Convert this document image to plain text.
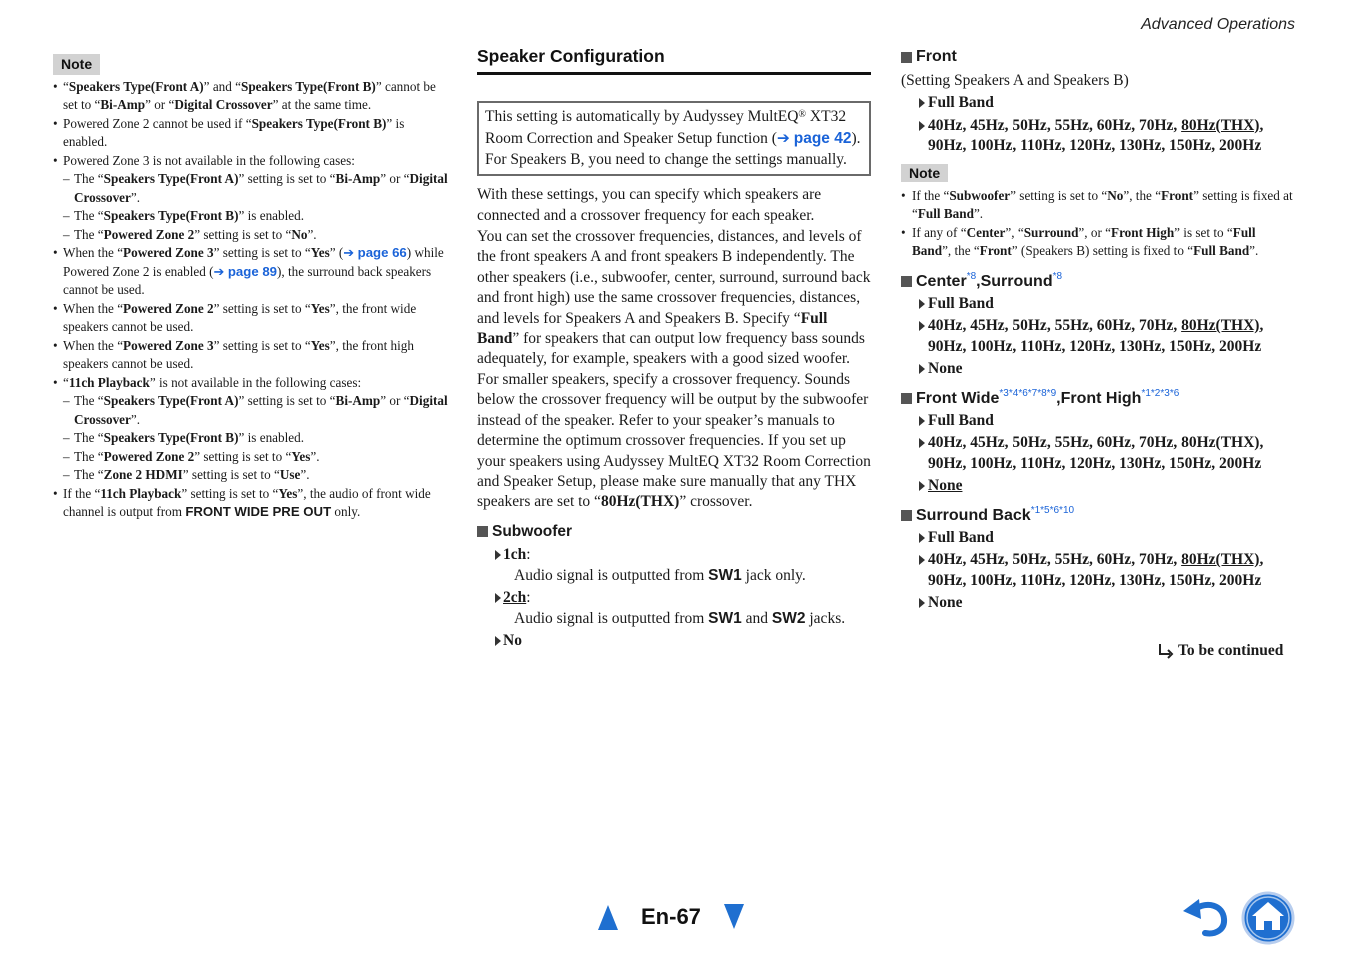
Advanced Operations
Note
• “Speakers Type(Front A)” and “Speakers Type(Front B)” cannot be set to “Bi-Amp” or “Digital Crossover” at the same time.
• Powered Zone 2 cannot be used if “Speakers Type(Front B)” is enabled.
• Powered Zone 3 is not available in the following cases:
– The “Speakers Type(Front A)” setting is set to “Bi-Amp” or “Digital Crossover”.
– The “Speakers Type(Front B)” is enabled.
– The “Powered Zone 2” setting is set to “No”.
• When the “Powered Zone 3” setting is set to “Yes” (➔ page 66) while Powered Zone 2 is enabled (➔ page 89), the surround back speakers cannot be used.
• When the “Powered Zone 2” setting is set to “Yes”, the front wide speakers cannot be used.
• When the “Powered Zone 3” setting is set to “Yes”, the front high speakers cannot be used.
• “11ch Playback” is not available in the following cases:
– The “Speakers Type(Front A)” setting is set to “Bi-Amp” or “Digital Crossover”.
– The “Speakers Type(Front B)” is enabled.
– The “Powered Zone 2” setting is set to “Yes”.
– The “Zone 2 HDMI” setting is set to “Use”.
• If the “11ch Playback” setting is set to “Yes”, the audio of front wide channel is output from FRONT WIDE PRE OUT only.
Speaker Configuration
This setting is automatically by Audyssey MultEQ® XT32 Room Correction and Speaker Setup function (➔ page 42). For Speakers B, you need to change the settings manually.

With these settings, you can specify which speakers are connected and a crossover frequency for each speaker.

You can set the crossover frequencies, distances, and levels of the front speakers A and front speakers B independently. The other speakers (i.e., subwoofer, center, surround, surround back and front high) use the same crossover frequencies, distances, and levels for Speakers A and Speakers B. Specify “Full Band” for speakers that can output low frequency bass sounds adequately, for example, speakers with a good sized woofer. For smaller speakers, specify a crossover frequency. Sounds below the crossover frequency will be output by the subwoofer instead of the speaker. Refer to your speaker’s manuals to determine the optimum crossover frequencies. If you set up your speakers using Audyssey MultEQ XT32 Room Correction and Speaker Setup, please make sure manually that any THX speakers are set to “80Hz(THX)” crossover.

Subwoofer
1ch:
Audio signal is outputted from SW1 jack only.
2ch:
Audio signal is outputted from SW1 and SW2 jacks.
No
Front
(Setting Speakers A and Speakers B)
Full Band
40Hz, 45Hz, 50Hz, 55Hz, 60Hz, 70Hz, 80Hz(THX),
90Hz, 100Hz, 110Hz, 120Hz, 130Hz, 150Hz, 200Hz
Note
• If the “Subwoofer” setting is set to “No”, the “Front” setting is fixed at “Full Band”.
• If any of “Center”, “Surround”, or “Front High” is set to “Full Band”, the “Front” (Speakers B) setting is fixed to “Full Band”.
Center *8 , Surround *8
Full Band
40Hz, 45Hz, 50Hz, 55Hz, 60Hz, 70Hz, 80Hz(THX),
90Hz, 100Hz, 110Hz, 120Hz, 130Hz, 150Hz, 200Hz
None
Front Wide *3*4*6*7*8*9 , Front High *1*2*3*6
Full Band
40Hz, 45Hz, 50Hz, 55Hz, 60Hz, 70Hz, 80Hz(THX),
90Hz, 100Hz, 110Hz, 120Hz, 130Hz, 150Hz, 200Hz
None
Surround Back *1*5*6*10
Full Band
40Hz, 45Hz, 50Hz, 55Hz, 60Hz, 70Hz, 80Hz(THX),
90Hz, 100Hz, 110Hz, 120Hz, 130Hz, 150Hz, 200Hz
None
To be continued
En-67
